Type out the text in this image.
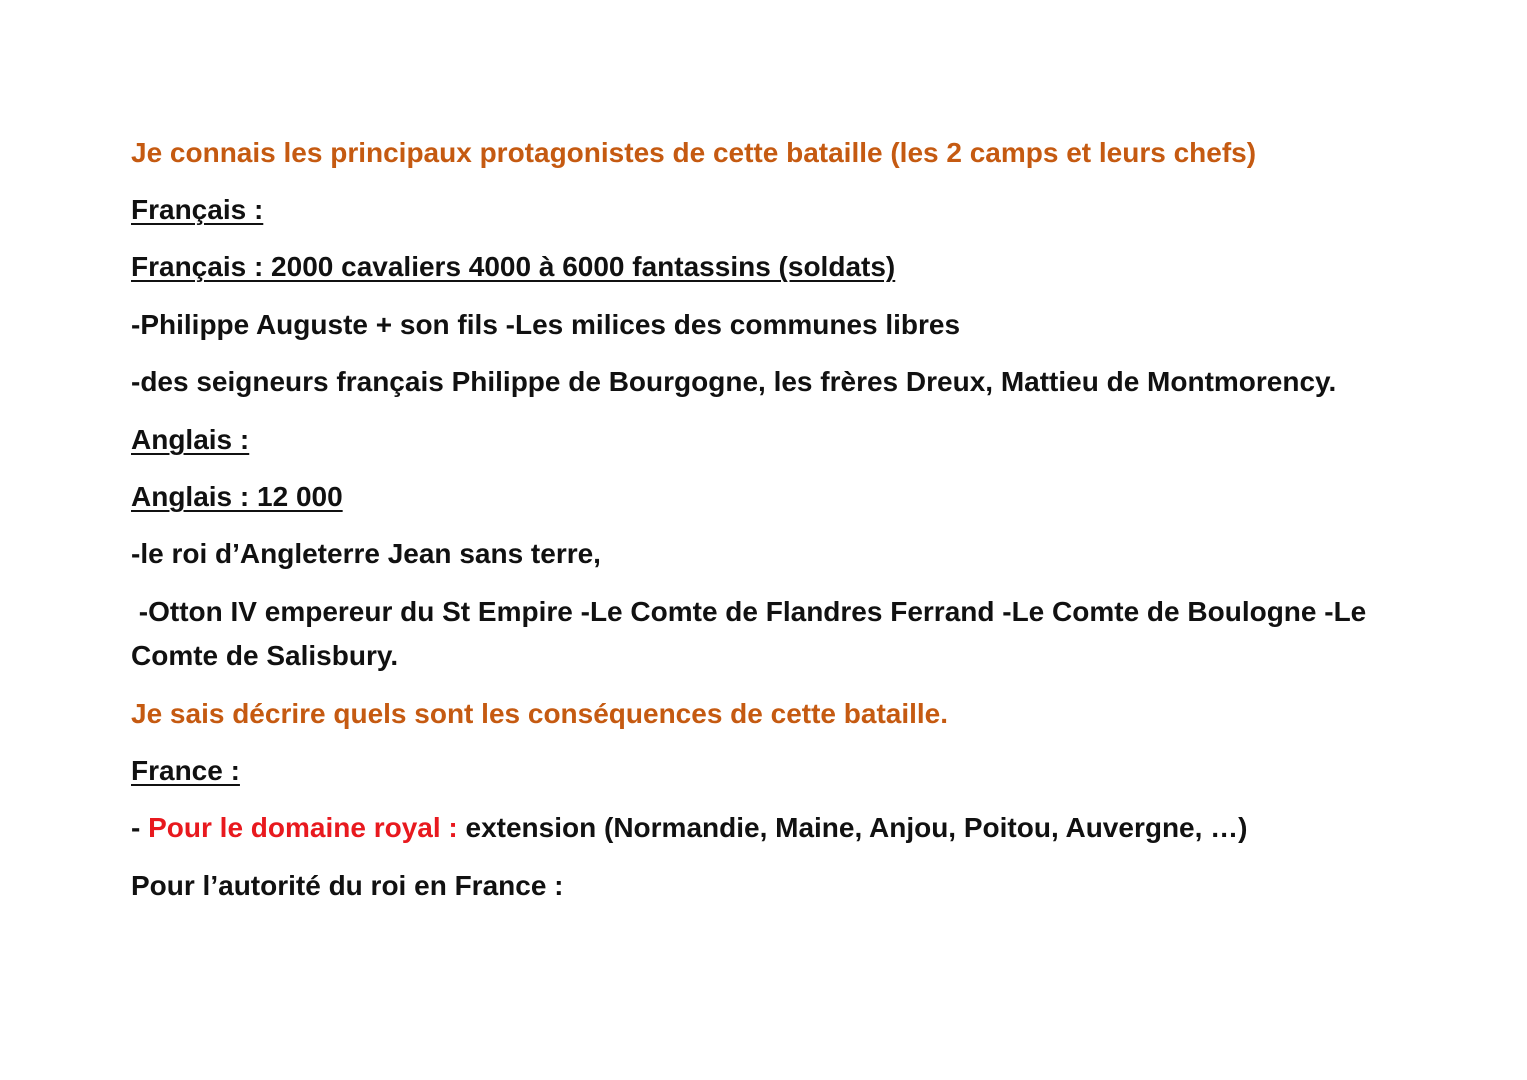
Je connais les principaux protagonistes de cette bataille (les 2 camps et leurs chefs)
Français :
Français : 2000 cavaliers 4000 à 6000 fantassins (soldats)
-Philippe Auguste + son fils -Les milices des communes libres
-des seigneurs français Philippe de Bourgogne, les frères Dreux, Mattieu de Montmorency.
Anglais :
Anglais : 12 000
-le roi d’Angleterre Jean sans terre,
-Otton IV empereur du St Empire -Le Comte de Flandres Ferrand -Le Comte de Boulogne -Le
Comte de Salisbury.
Je sais décrire quels sont les conséquences de cette bataille.
France :
- Pour le domaine royal : extension (Normandie, Maine, Anjou, Poitou, Auvergne, …)
Pour l’autorité du roi en France :
